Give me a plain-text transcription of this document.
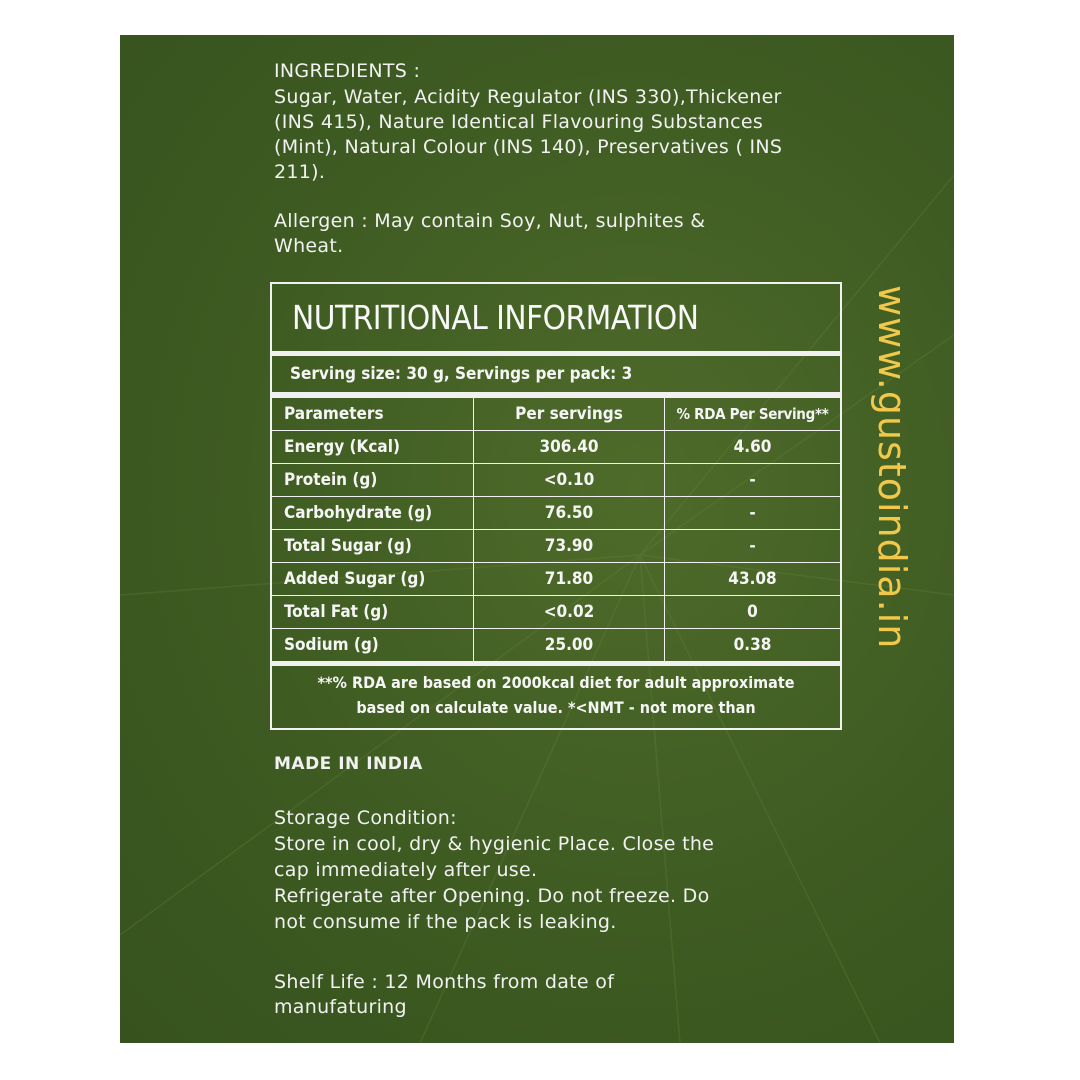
INGREDIENTS :
Sugar, Water, Acidity Regulator (INS 330),Thickener
(INS 415), Nature Identical Flavouring Substances
(Mint), Natural Colour (INS 140), Preservatives ( INS
211).
Allergen : May contain Soy, Nut, sulphites &
Wheat.
NUTRITIONAL INFORMATION
Serving size: 30 g, Servings per pack: 3
Parameters	Per servings	% RDA Per Serving**
Energy (Kcal)	306.40	4.60
Protein (g)	<0.10	-
Carbohydrate (g)	76.50	-
Total Sugar (g)	73.90	-
Added Sugar (g)	71.80	43.08
Total Fat (g)	<0.02	0
Sodium (g)	25.00	0.38
**% RDA are based on 2000kcal diet for adult approximate
based on calculate value. *<NMT - not more than
www.gustoindia.in
MADE IN INDIA
Storage Condition:
Store in cool, dry & hygienic Place. Close the
cap immediately after use.
Refrigerate after Opening. Do not freeze. Do
not consume if the pack is leaking.
Shelf Life : 12 Months from date of
manufaturing
